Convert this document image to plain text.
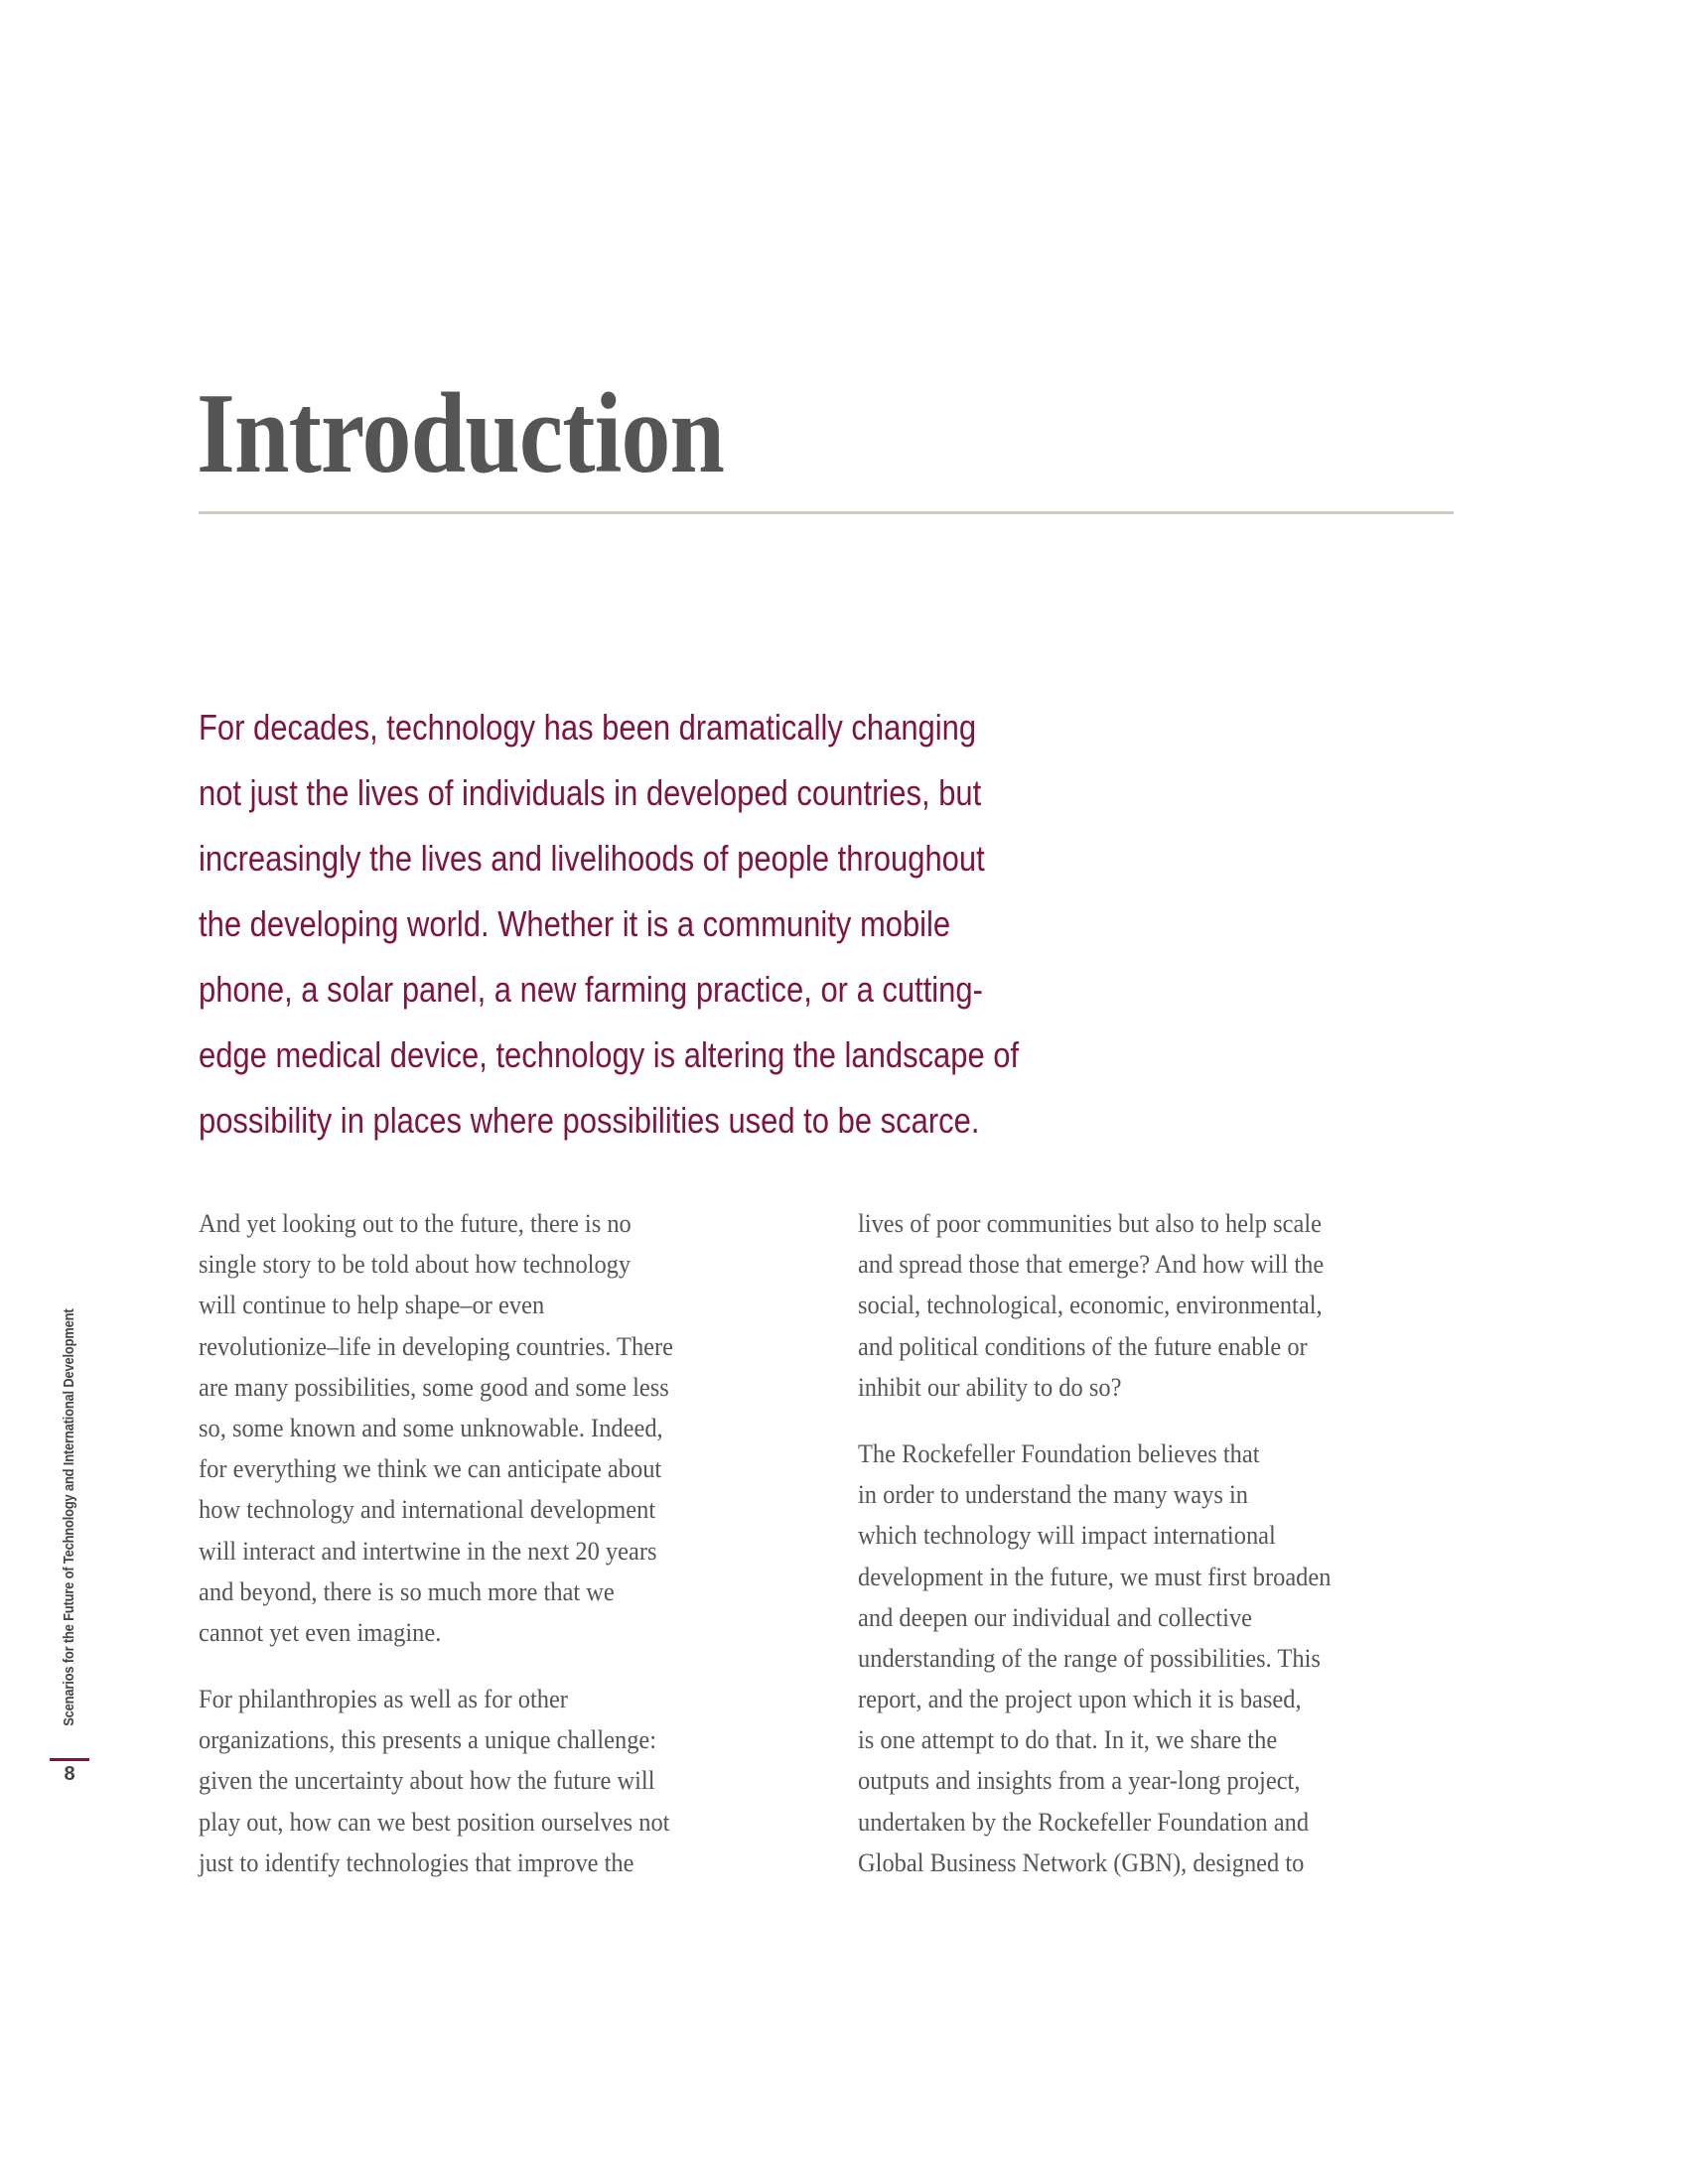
Introduction
For decades, technology has been dramatically changing
not just the lives of individuals in developed countries, but
increasingly the lives and livelihoods of people throughout
the developing world. Whether it is a community mobile
phone, a solar panel, a new farming practice, or a cutting-
edge medical device, technology is altering the landscape of
possibility in places where possibilities used to be scarce.

And yet looking out to the future, there is no
single story to be told about how technology
will continue to help shape–or even
revolutionize–life in developing countries. There
are many possibilities, some good and some less
so, some known and some unknowable. Indeed,
for everything we think we can anticipate about
how technology and international development
will interact and intertwine in the next 20 years
and beyond, there is so much more that we
cannot yet even imagine.

For philanthropies as well as for other
organizations, this presents a unique challenge:
given the uncertainty about how the future will
play out, how can we best position ourselves not
just to identify technologies that improve the

lives of poor communities but also to help scale
and spread those that emerge? And how will the
social, technological, economic, environmental,
and political conditions of the future enable or
inhibit our ability to do so?

The Rockefeller Foundation believes that
in order to understand the many ways in
which technology will impact international
development in the future, we must first broaden
and deepen our individual and collective
understanding of the range of possibilities. This
report, and the project upon which it is based,
is one attempt to do that. In it, we share the
outputs and insights from a year-long project,
undertaken by the Rockefeller Foundation and
Global Business Network (GBN), designed to

Scenarios for the Future of Technology and International Development
8
